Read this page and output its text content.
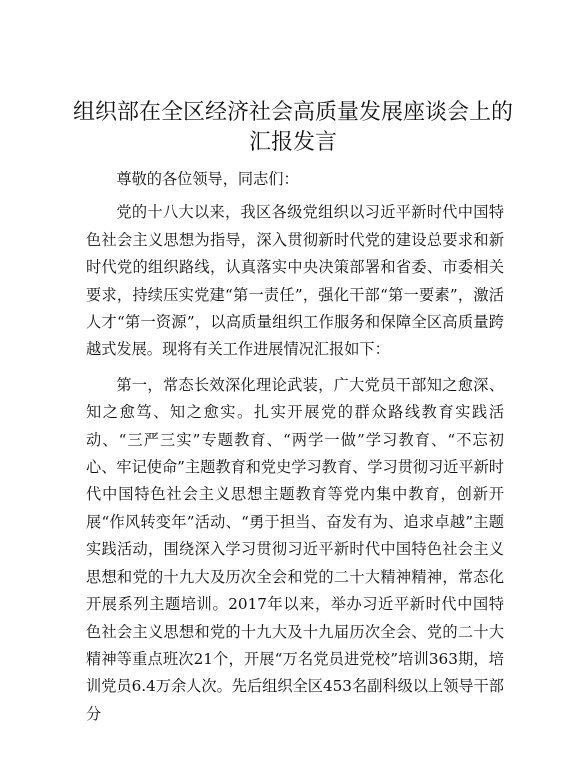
组织部在全区经济社会高质量发展座谈会上的
汇报发言

尊敬的各位领导，同志们：

党的十八大以来，我区各级党组织以习近平新时代中国特色社会主义思想为指导，深入贯彻新时代党的建设总要求和新时代党的组织路线，认真落实中央决策部署和省委、市委相关要求，持续压实党建“第一责任”，强化干部“第一要素”，激活人才“第一资源”，以高质量组织工作服务和保障全区高质量跨越式发展。现将有关工作进展情况汇报如下：

第一，常态长效深化理论武装，广大党员干部知之愈深、知之愈笃、知之愈实。扎实开展党的群众路线教育实践活动、“三严三实”专题教育、“两学一做”学习教育、“不忘初心、牢记使命”主题教育和党史学习教育、学习贯彻习近平新时代中国特色社会主义思想主题教育等党内集中教育，创新开展“作风转变年”活动、“勇于担当、奋发有为、追求卓越”主题实践活动，围绕深入学习贯彻习近平新时代中国特色社会主义思想和党的十九大及历次全会和党的二十大精神精神，常态化开展系列主题培训。2017年以来，举办习近平新时代中国特色社会主义思想和党的十九大及十九届历次全会、党的二十大精神等重点班次21个，开展“万名党员进党校”培训363期，培训党员6.4万余人次。先后组织全区453名副科级以上领导干部分
